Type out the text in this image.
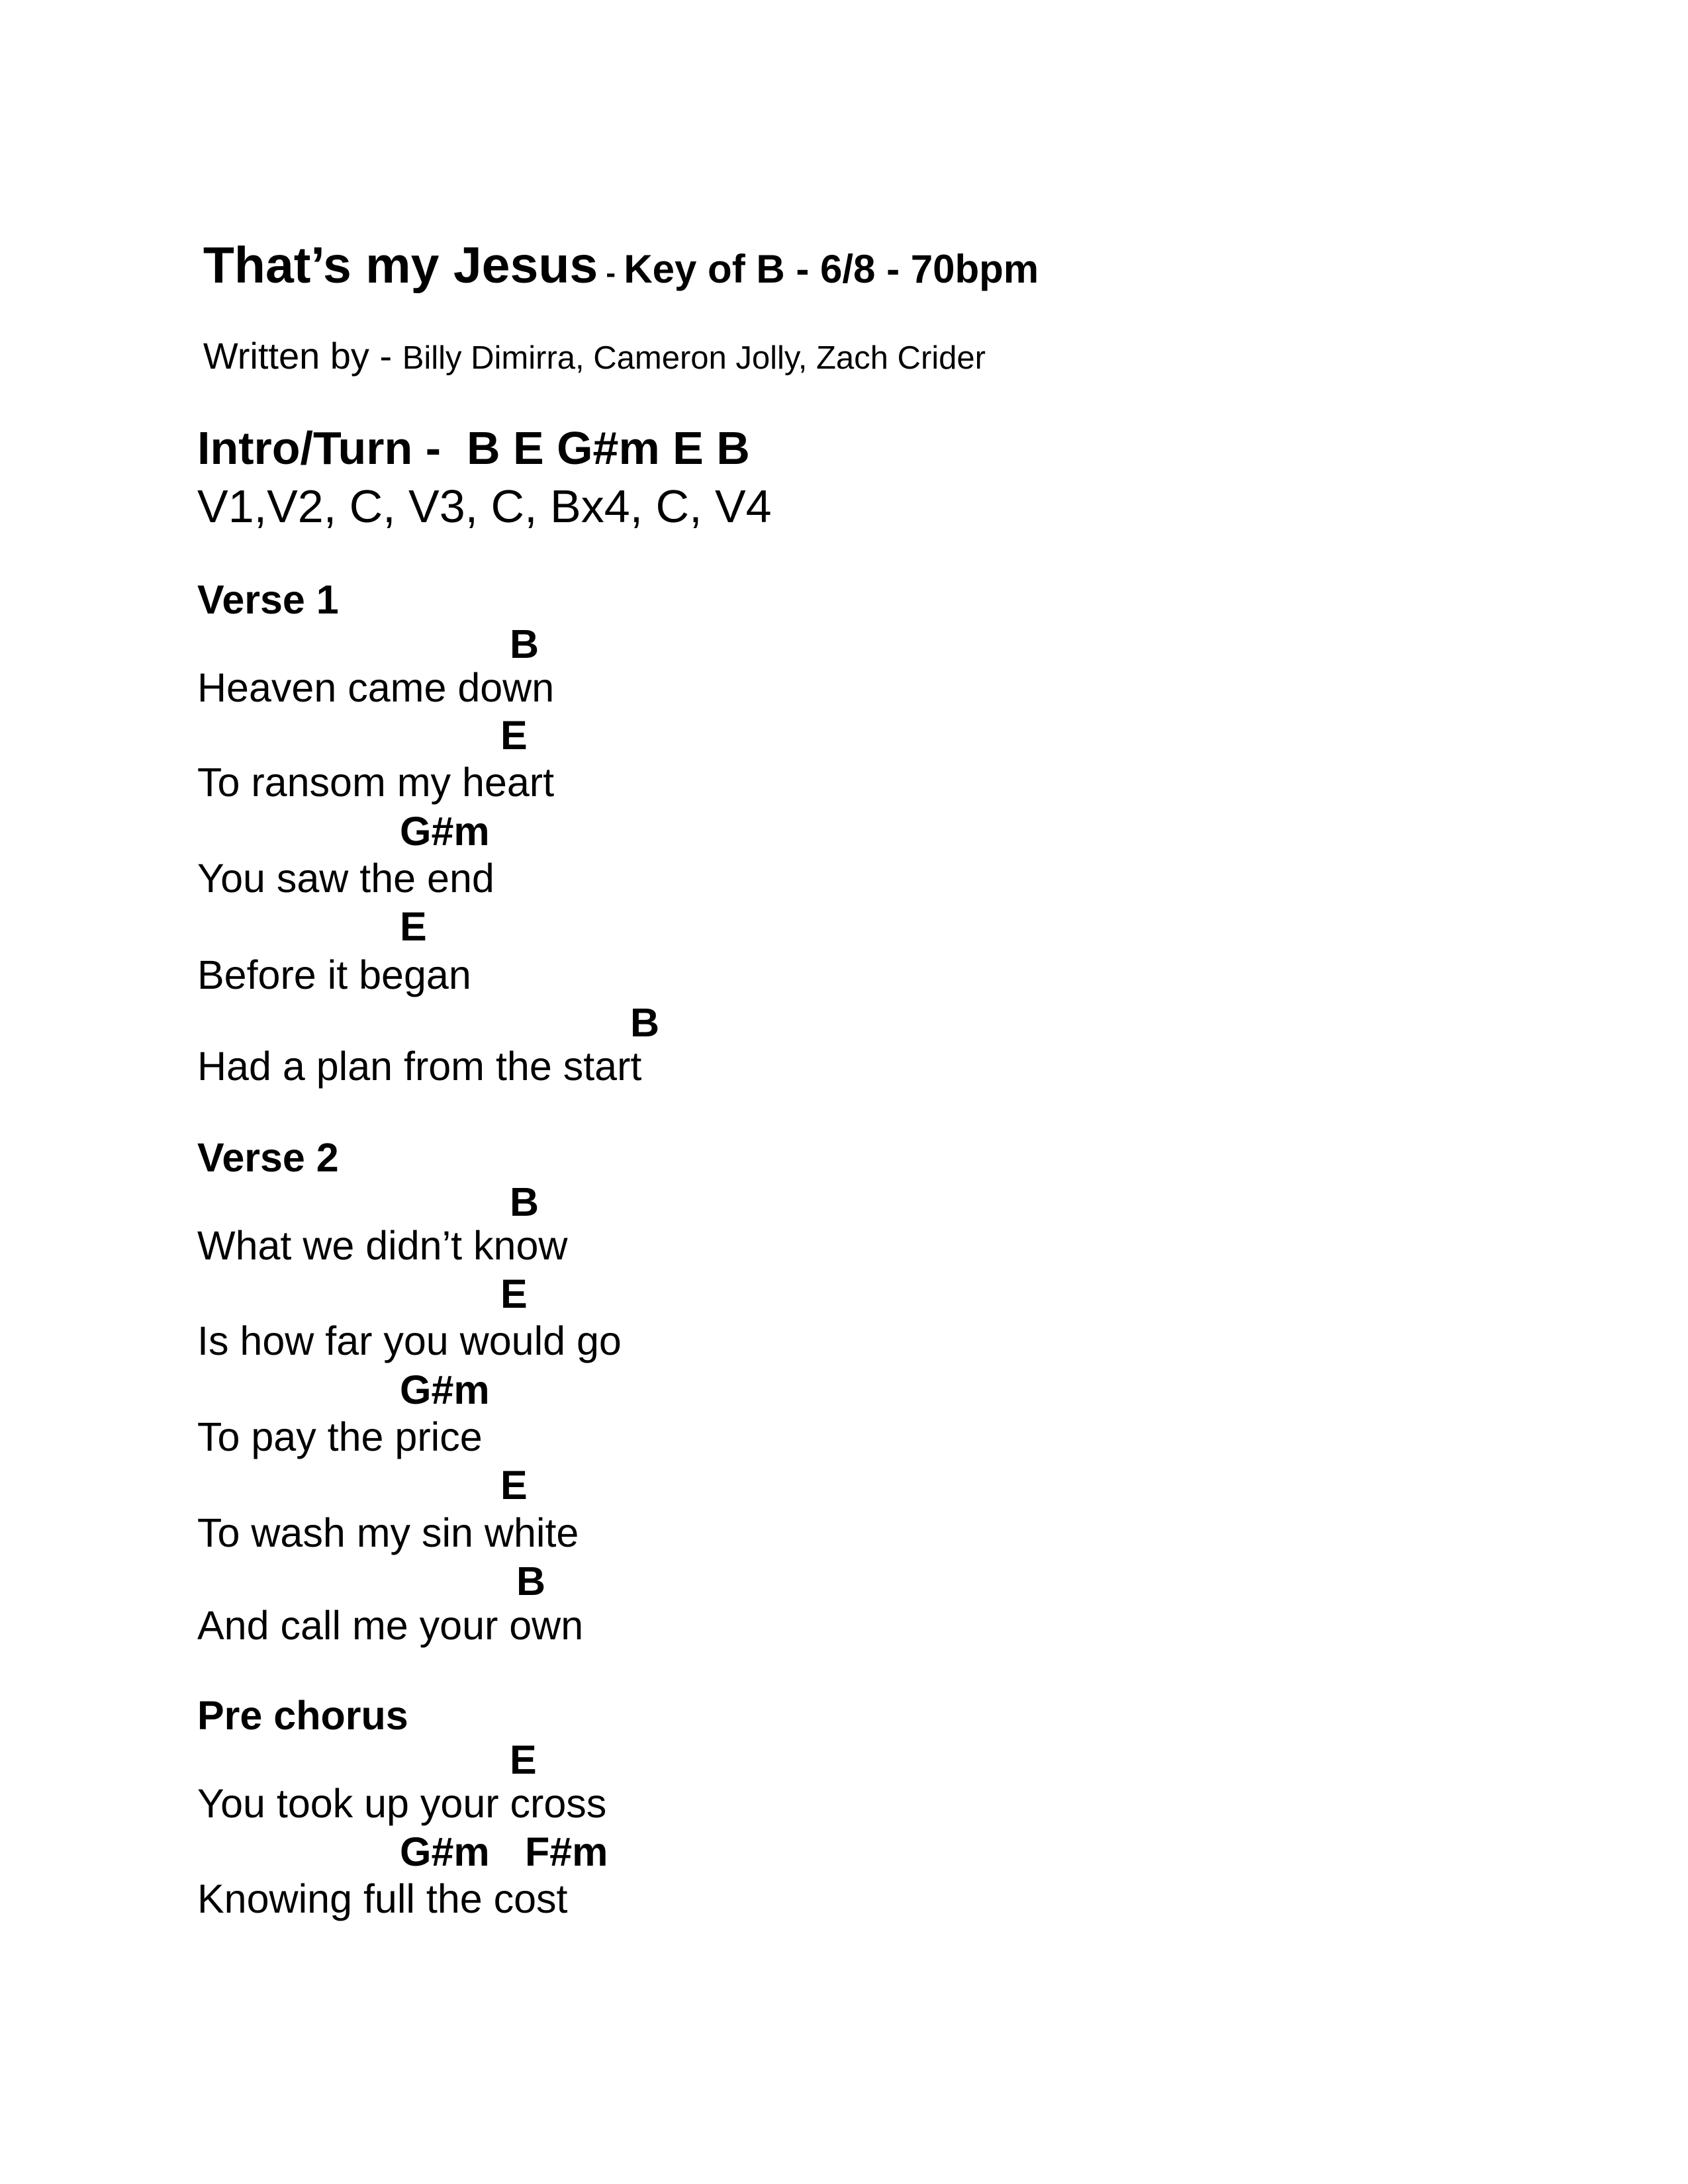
That’s my Jesus - Key of B - 6/8 - 70bpm

Written by - Billy Dimirra, Cameron Jolly, Zach Crider

Intro/Turn -  B E G#m E B
V1,V2, C, V3, C, Bx4, C, V4
Verse 1
B
Heaven came down
E
To ransom my heart
G#m
You saw the end
E
Before it began
B
Had a plan from the start
Verse 2
B
What we didn’t know
E
Is how far you would go
G#m
To pay the price
E
To wash my sin white
B
And call me your own
Pre chorus
E
You took up your cross
G#m F#m
Knowing full the cost
